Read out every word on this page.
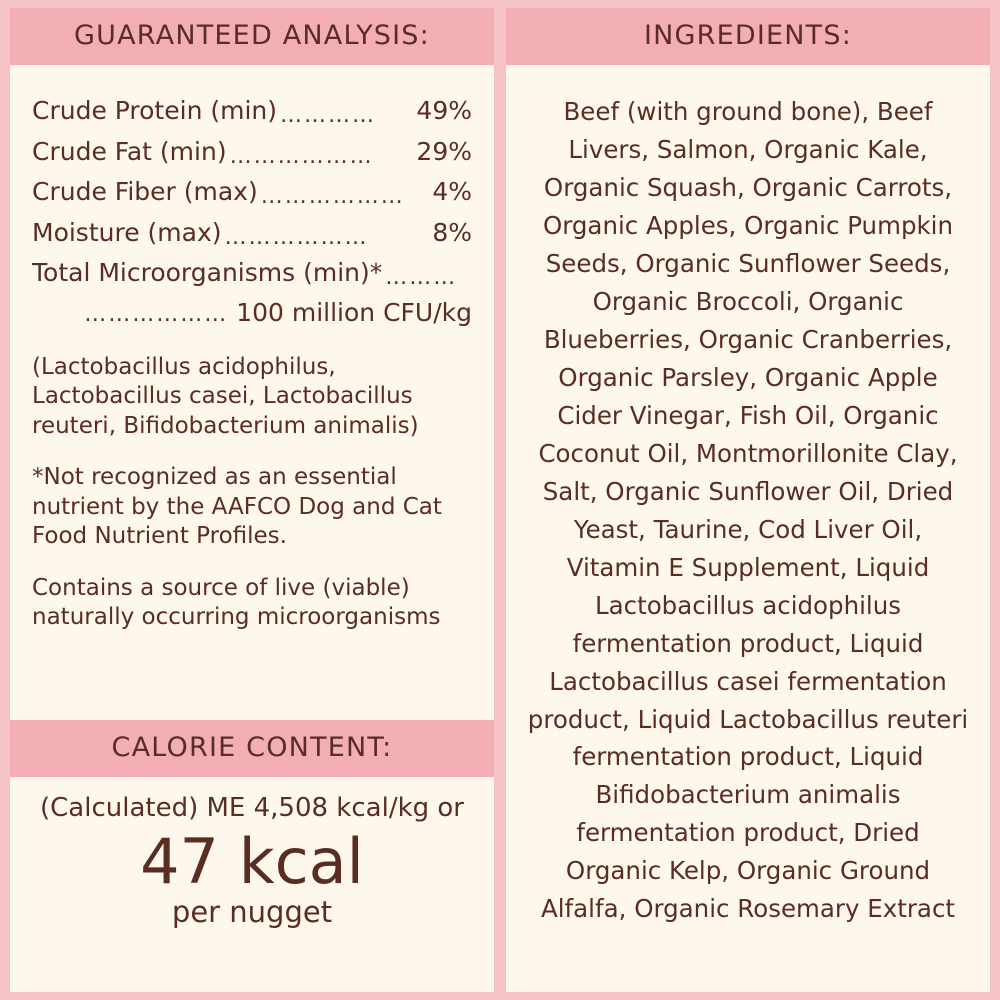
GUARANTEED ANALYSIS:
Crude Protein (min) …………	49%
Crude Fat (min) ………………	29%
Crude Fiber (max) ………………	4%
Moisture (max) ………………	8%
Total Microorganisms (min)* ………
……………… 100 million CFU/kg
(Lactobacillus acidophilus, Lactobacillus casei, Lactobacillus reuteri, Bifidobacterium animalis)
*Not recognized as an essential nutrient by the AAFCO Dog and Cat Food Nutrient Profiles.
Contains a source of live (viable) naturally occurring microorganisms
CALORIE CONTENT:
(Calculated) ME 4,508 kcal/kg or
47 kcal
per nugget
INGREDIENTS:
Beef (with ground bone), Beef Livers, Salmon, Organic Kale, Organic Squash, Organic Carrots, Organic Apples, Organic Pumpkin Seeds, Organic Sunflower Seeds, Organic Broccoli, Organic Blueberries, Organic Cranberries, Organic Parsley, Organic Apple Cider Vinegar, Fish Oil, Organic Coconut Oil, Montmorillonite Clay, Salt, Organic Sunflower Oil, Dried Yeast, Taurine, Cod Liver Oil, Vitamin E Supplement, Liquid Lactobacillus acidophilus fermentation product, Liquid Lactobacillus casei fermentation product, Liquid Lactobacillus reuteri fermentation product, Liquid Bifidobacterium animalis fermentation product, Dried Organic Kelp, Organic Ground Alfalfa, Organic Rosemary Extract
